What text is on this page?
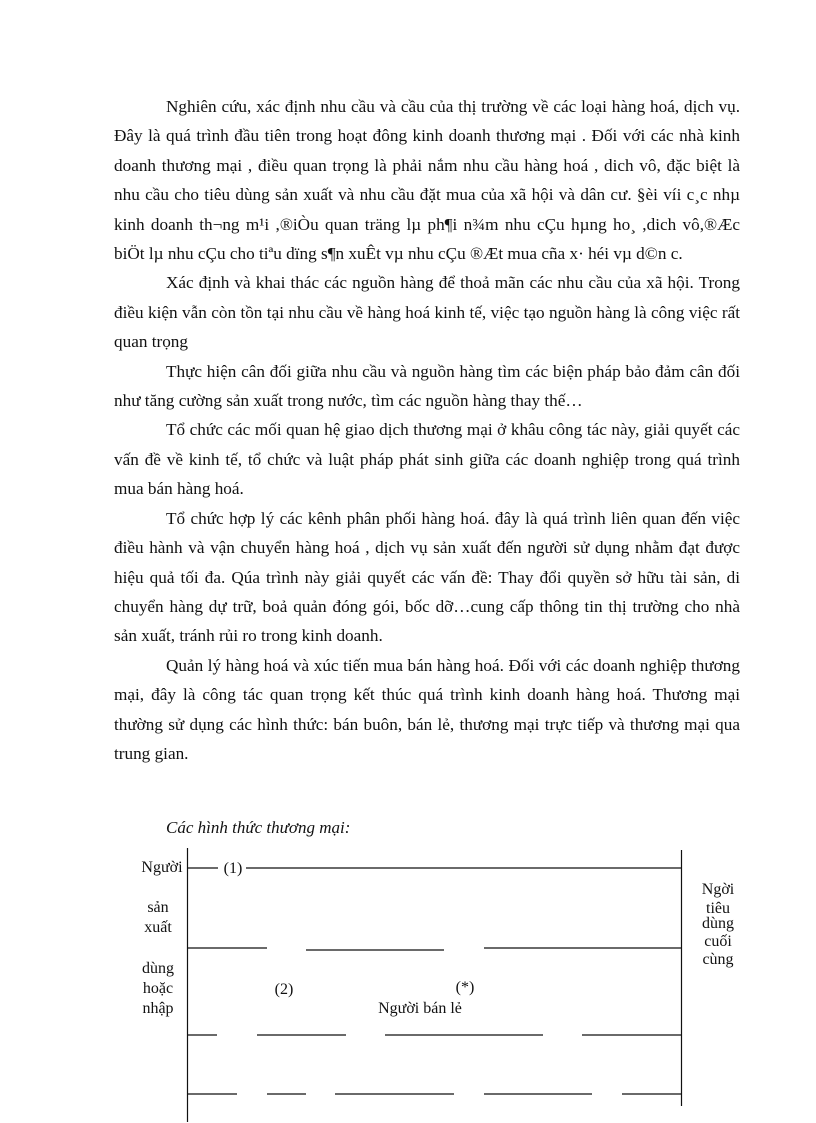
Nghiên cứu, xác định nhu cầu và cầu của thị trường về các loại hàng hoá, dịch vụ. Đây là quá trình đầu tiên trong hoạt đông kinh doanh thương mại . Đối với các nhà kinh doanh thương mại , điều quan trọng là phải nắm nhu cầu hàng hoá , dich vô, đặc biệt là nhu cầu cho tiêu dùng sản xuất và nhu cầu đặt mua của xã hội và dân cư. §èi víi c¸c nhµ kinh doanh th¬ng m¹i ,®iÒu quan träng lµ ph¶i n¾m nhu cÇu hµng ho¸ ,dich vô,®Æc biÖt lµ nhu cÇu cho tiªu dïng s¶n xuÊt vµ nhu cÇu ®Æt mua cña x· héi vµ d©n c.

Xác định và khai thác các nguồn hàng để thoả mãn các nhu cầu của xã hội. Trong điều kiện vẫn còn tồn tại nhu cầu về hàng hoá kinh tế, việc tạo nguồn hàng là công việc rất quan trọng

Thực hiện cân đối giữa nhu cầu và nguồn hàng tìm các biện pháp bảo đảm cân đối như tăng cường sản xuất trong nước, tìm các nguồn hàng thay thế…

Tổ chức các mối quan hệ giao dịch thương mại ở khâu công tác này, giải quyết các vấn đề về kinh tế, tổ chức và luật pháp phát sinh giữa các doanh nghiệp trong quá trình mua bán hàng hoá.

Tổ chức hợp lý các kênh phân phối hàng hoá. đây là quá trình liên quan đến việc điều hành và vận chuyển hàng hoá , dịch vụ sản xuất đến người sử dụng nhằm đạt được hiệu quả tối đa. Qúa trình này giải quyết các vấn đề: Thay đổi quyền sở hữu tài sản, di chuyển hàng dự trữ, boả quản đóng gói, bốc dỡ…cung cấp thông tin thị trường cho nhà sản xuất, tránh rủi ro trong kinh doanh.

Quản lý hàng hoá và xúc tiến mua bán hàng hoá. Đối với các doanh nghiệp thương mại, đây là công tác quan trọng kết thúc quá trình kinh doanh hàng hoá. Thương mại thường sử dụng các hình thức: bán buôn, bán lẻ, thương mại trực tiếp và thương mại qua trung gian.

Các hình thức thương mại:
Người
sản
xuất
dùng
hoặc
nhập
Ngời
tiêu
dùng
cuối
cùng
(1)
(2)	(*)
Người bán lẻ
